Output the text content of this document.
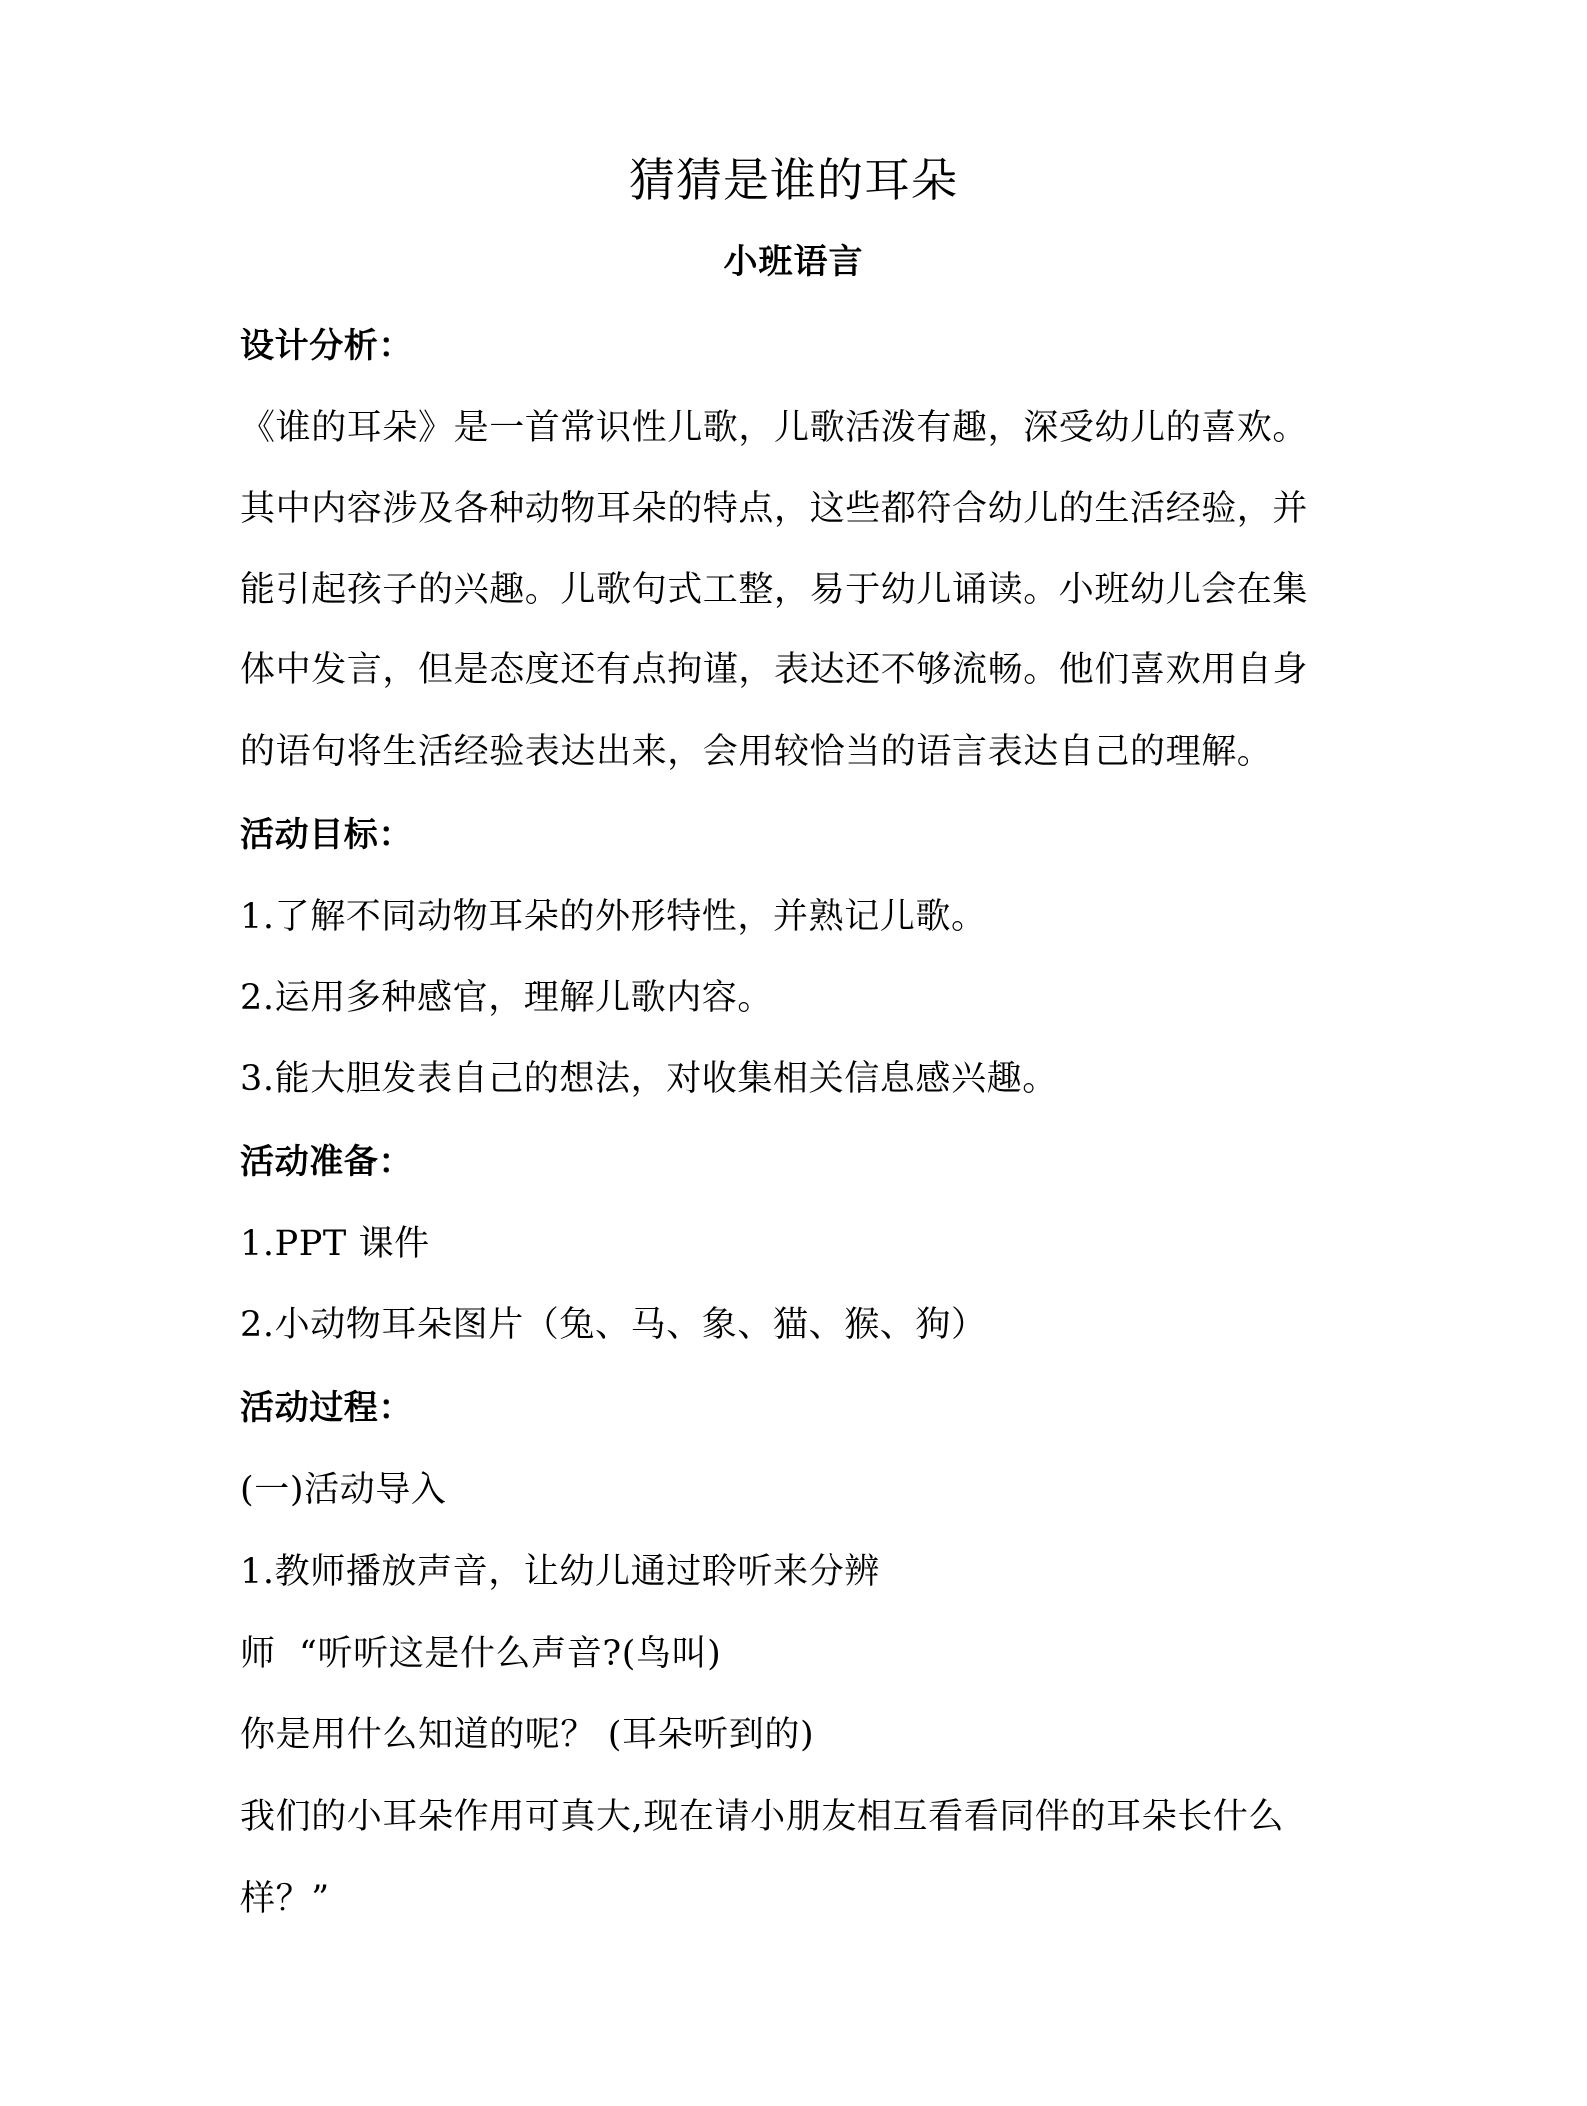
猜猜是谁的耳朵
小班语言
设计分析：
《谁的耳朵》是一首常识性儿歌，儿歌活泼有趣，深受幼儿的喜欢。
其中内容涉及各种动物耳朵的特点，这些都符合幼儿的生活经验，并
能引起孩子的兴趣。儿歌句式工整，易于幼儿诵读。小班幼儿会在集
体中发言，但是态度还有点拘谨，表达还不够流畅。他们喜欢用自身
的语句将生活经验表达出来，会用较恰当的语言表达自己的理解。
活动目标：
1.了解不同动物耳朵的外形特性，并熟记儿歌。
2.运用多种感官，理解儿歌内容。
3.能大胆发表自己的想法，对收集相关信息感兴趣。
活动准备：
1.PPT 课件
2.小动物耳朵图片（兔、马、象、猫、猴、狗）
活动过程：
(一)活动导入
1.教师播放声音，让幼儿通过聆听来分辨
师  “听听这是什么声音?(鸟叫)
你是用什么知道的呢？ (耳朵听到的)
我们的小耳朵作用可真大,现在请小朋友相互看看同伴的耳朵长什么
样？”
